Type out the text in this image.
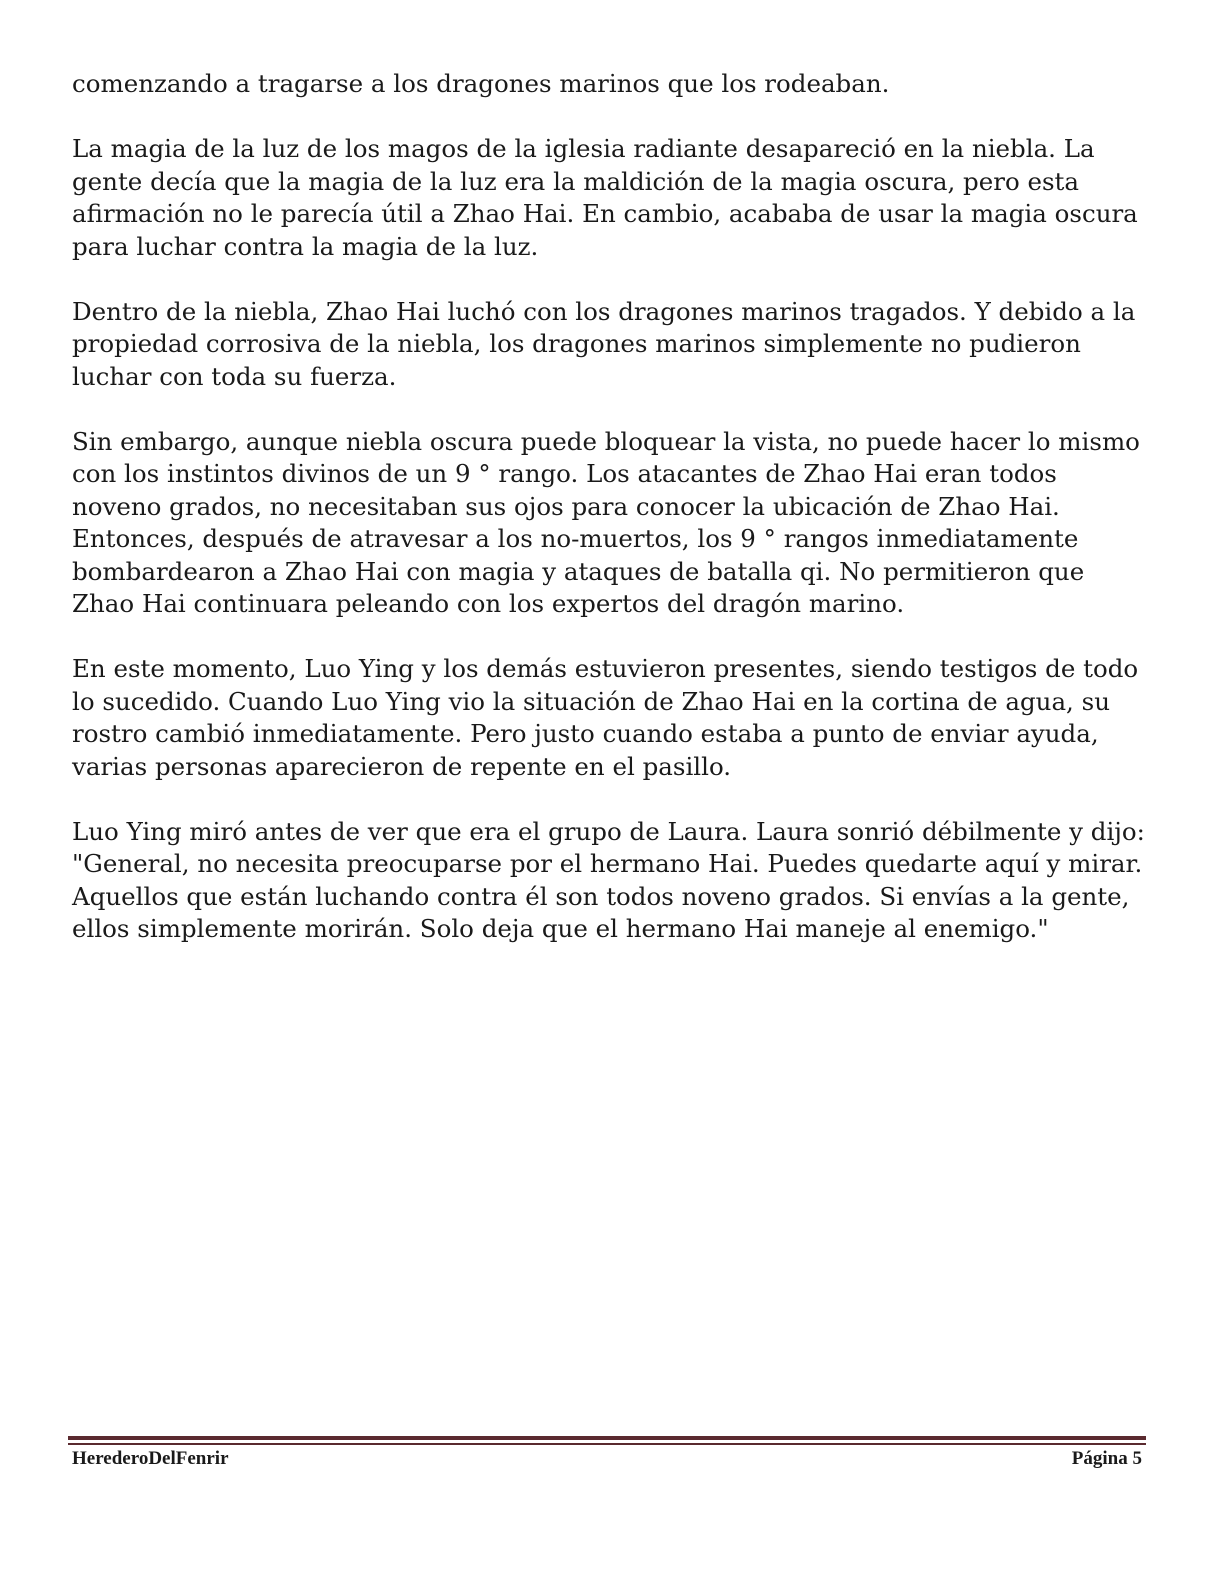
comenzando a tragarse a los dragones marinos que los rodeaban.

La magia de la luz de los magos de la iglesia radiante desapareció en la niebla. La gente decía que la magia de la luz era la maldición de la magia oscura, pero esta afirmación no le parecía útil a Zhao Hai. En cambio, acababa de usar la magia oscura para luchar contra la magia de la luz.

Dentro de la niebla, Zhao Hai luchó con los dragones marinos tragados. Y debido a la propiedad corrosiva de la niebla, los dragones marinos simplemente no pudieron luchar con toda su fuerza.

Sin embargo, aunque niebla oscura puede bloquear la vista, no puede hacer lo mismo con los instintos divinos de un 9 ° rango. Los atacantes de Zhao Hai eran todos noveno grados, no necesitaban sus ojos para conocer la ubicación de Zhao Hai. Entonces, después de atravesar a los no-muertos, los 9 ° rangos inmediatamente bombardearon a Zhao Hai con magia y ataques de batalla qi. No permitieron que Zhao Hai continuara peleando con los expertos del dragón marino.

En este momento, Luo Ying y los demás estuvieron presentes, siendo testigos de todo lo sucedido. Cuando Luo Ying vio la situación de Zhao Hai en la cortina de agua, su rostro cambió inmediatamente. Pero justo cuando estaba a punto de enviar ayuda, varias personas aparecieron de repente en el pasillo.

Luo Ying miró antes de ver que era el grupo de Laura. Laura sonrió débilmente y dijo: "General, no necesita preocuparse por el hermano Hai. Puedes quedarte aquí y mirar. Aquellos que están luchando contra él son todos noveno grados. Si envías a la gente, ellos simplemente morirán. Solo deja que el hermano Hai maneje al enemigo."

HerederoDelFenrir	Página 5
